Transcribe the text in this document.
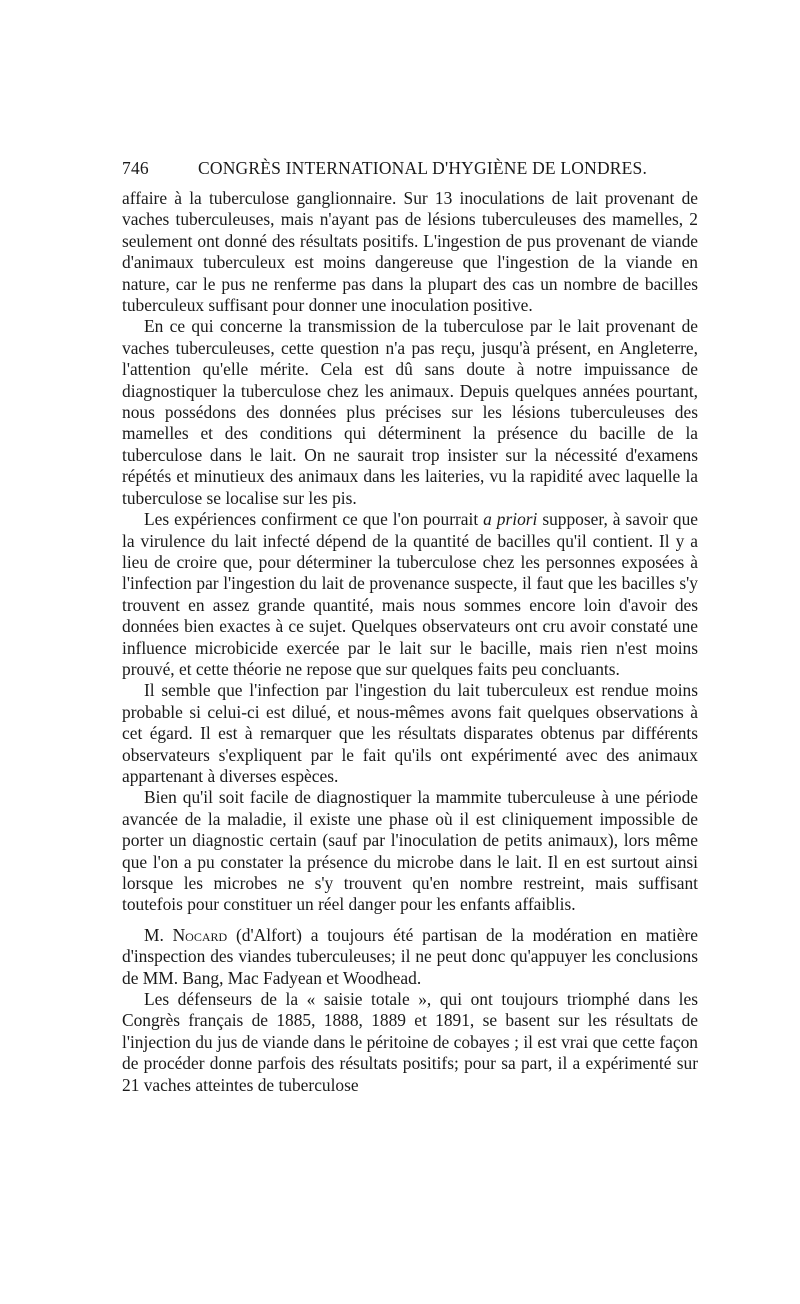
746	CONGRÈS INTERNATIONAL D'HYGIÈNE DE LONDRES.

affaire à la tuberculose ganglionnaire. Sur 13 inoculations de lait provenant de vaches tuberculeuses, mais n'ayant pas de lésions tuberculeuses des mamelles, 2 seulement ont donné des résultats positifs. L'ingestion de pus provenant de viande d'animaux tuberculeux est moins dangereuse que l'ingestion de la viande en nature, car le pus ne renferme pas dans la plupart des cas un nombre de bacilles tuberculeux suffisant pour donner une inoculation positive.

En ce qui concerne la transmission de la tuberculose par le lait provenant de vaches tuberculeuses, cette question n'a pas reçu, jusqu'à présent, en Angleterre, l'attention qu'elle mérite. Cela est dû sans doute à notre impuissance de diagnostiquer la tuberculose chez les animaux. Depuis quelques années pourtant, nous possédons des données plus précises sur les lésions tuberculeuses des mamelles et des conditions qui déterminent la présence du bacille de la tuberculose dans le lait. On ne saurait trop insister sur la nécessité d'examens répétés et minutieux des animaux dans les laiteries, vu la rapidité avec laquelle la tuberculose se localise sur les pis.

Les expériences confirment ce que l'on pourrait a priori supposer, à savoir que la virulence du lait infecté dépend de la quantité de bacilles qu'il contient. Il y a lieu de croire que, pour déterminer la tuberculose chez les personnes exposées à l'infection par l'ingestion du lait de provenance suspecte, il faut que les bacilles s'y trouvent en assez grande quantité, mais nous sommes encore loin d'avoir des données bien exactes à ce sujet. Quelques observateurs ont cru avoir constaté une influence microbicide exercée par le lait sur le bacille, mais rien n'est moins prouvé, et cette théorie ne repose que sur quelques faits peu concluants.

Il semble que l'infection par l'ingestion du lait tuberculeux est rendue moins probable si celui-ci est dilué, et nous-mêmes avons fait quelques observations à cet égard. Il est à remarquer que les résultats disparates obtenus par différents observateurs s'expliquent par le fait qu'ils ont expérimenté avec des animaux appartenant à diverses espèces.

Bien qu'il soit facile de diagnostiquer la mammite tuberculeuse à une période avancée de la maladie, il existe une phase où il est cliniquement impossible de porter un diagnostic certain (sauf par l'inoculation de petits animaux), lors même que l'on a pu constater la présence du microbe dans le lait. Il en est surtout ainsi lorsque les microbes ne s'y trouvent qu'en nombre restreint, mais suffisant toutefois pour constituer un réel danger pour les enfants affaiblis.

M. Nocard (d'Alfort) a toujours été partisan de la modération en matière d'inspection des viandes tuberculeuses; il ne peut donc qu'appuyer les conclusions de MM. Bang, Mac Fadyean et Woodhead.

Les défenseurs de la « saisie totale », qui ont toujours triomphé dans les Congrès français de 1885, 1888, 1889 et 1891, se basent sur les résultats de l'injection du jus de viande dans le péritoine de cobayes ; il est vrai que cette façon de procéder donne parfois des résultats positifs; pour sa part, il a expérimenté sur 21 vaches atteintes de tuberculose
